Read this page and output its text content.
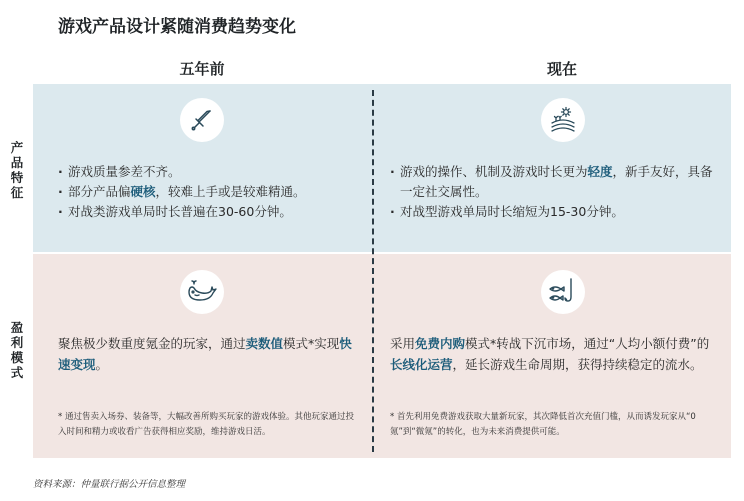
游戏产品设计紧随消费趋势变化
五年前	现在
产
品
特
征
盈
利
模
式
· 游戏质量参差不齐。
· 部分产品偏硬核，较难上手或是较难精通。
· 对战类游戏单局时长普遍在30-60分钟。
· 游戏的操作、机制及游戏时长更为轻度，新手友好，具备一定社交属性。
· 对战型游戏单局时长缩短为15-30分钟。
聚焦极少数重度氪金的玩家，通过卖数值模式*实现快速变现。
* 通过售卖入场券、装备等，大幅改善所购买玩家的游戏体验。其他玩家通过投入时间和精力或收看广告获得相应奖励，维持游戏日活。
采用免费内购模式*转战下沉市场，通过“人均小额付费”的长线化运营，延长游戏生命周期，获得持续稳定的流水。
* 首先利用免费游戏获取大量新玩家，其次降低首次充值门槛，从而诱发玩家从“0氪”到“微氪”的转化，也为未来消费提供可能。
资料来源：仲量联行据公开信息整理
